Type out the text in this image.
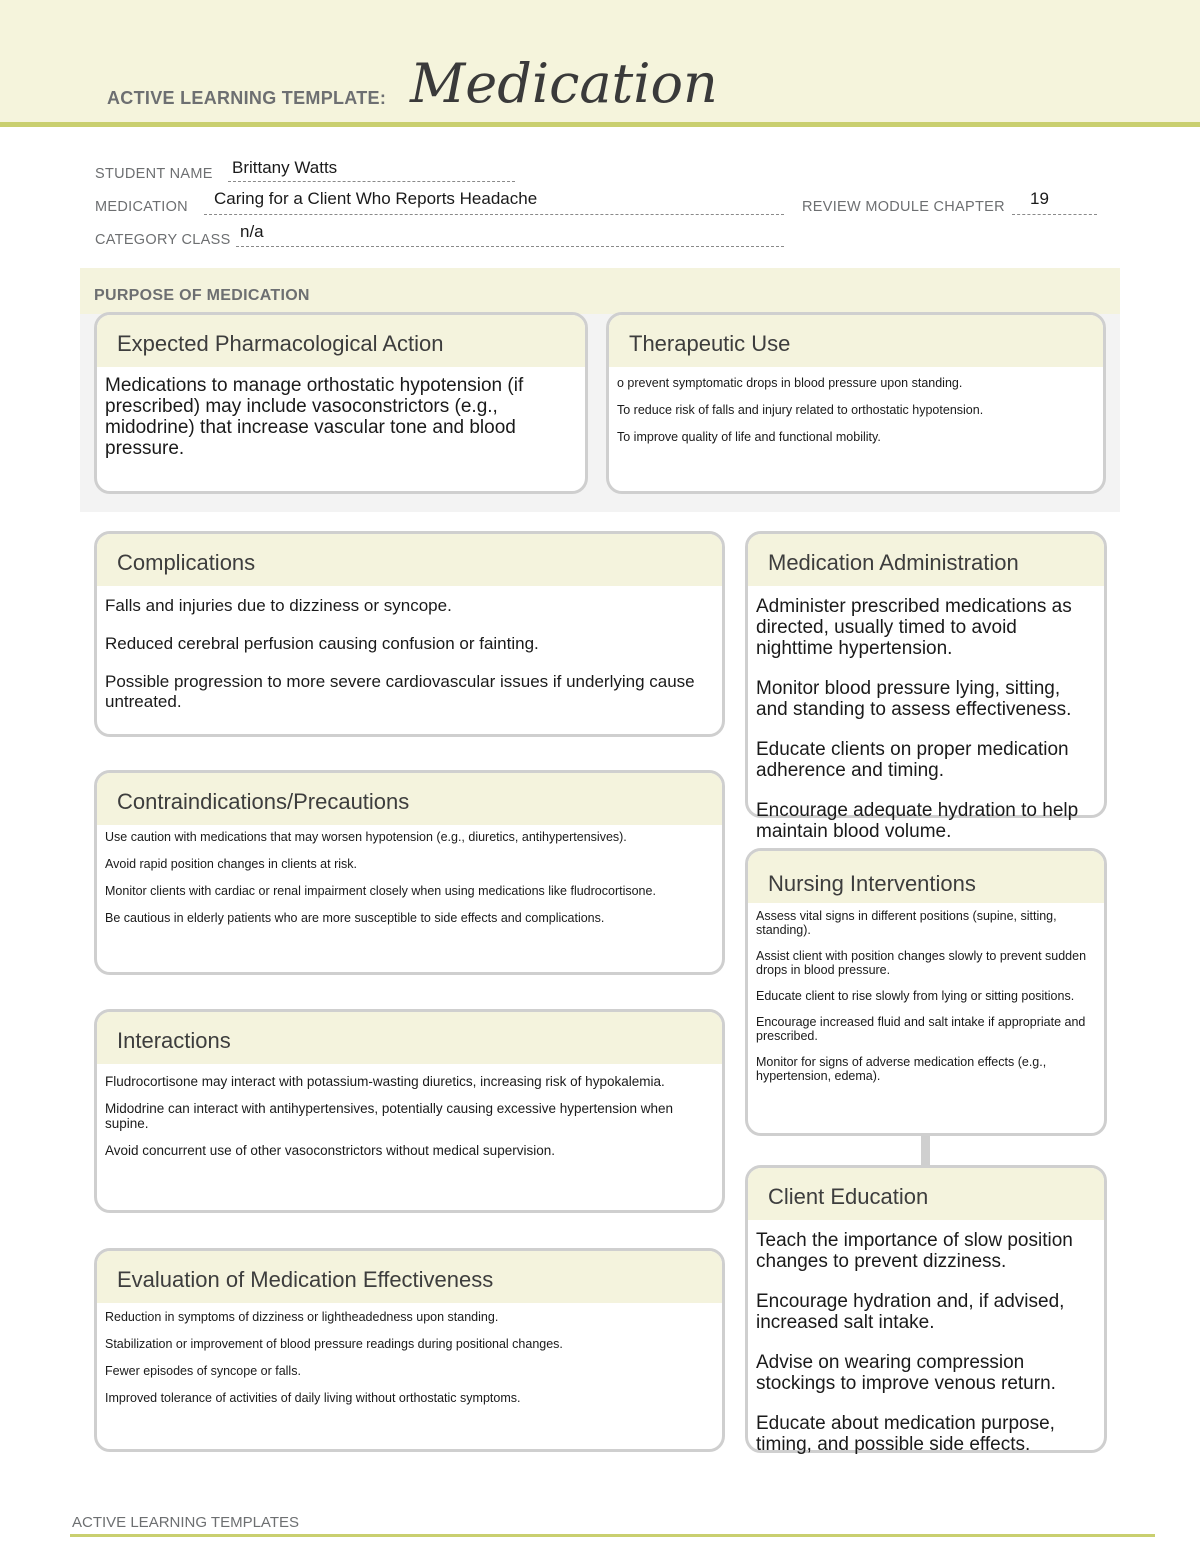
ACTIVE LEARNING TEMPLATE: Medication
STUDENT NAME Brittany Watts
MEDICATION Caring for a Client Who Reports Headache	REVIEW MODULE CHAPTER 19
CATEGORY CLASS n/a
PURPOSE OF MEDICATION
Expected Pharmacological Action

Medications to manage orthostatic hypotension (if prescribed) may include vasoconstrictors (e.g., midodrine) that increase vascular tone and blood pressure.

Therapeutic Use

o prevent symptomatic drops in blood pressure upon standing.

To reduce risk of falls and injury related to orthostatic hypotension.

To improve quality of life and functional mobility.

Complications

Falls and injuries due to dizziness or syncope.

Reduced cerebral perfusion causing confusion or fainting.

Possible progression to more severe cardiovascular issues if underlying cause untreated.

Contraindications/Precautions

Use caution with medications that may worsen hypotension (e.g., diuretics, antihypertensives).

Avoid rapid position changes in clients at risk.

Monitor clients with cardiac or renal impairment closely when using medications like fludrocortisone.

Be cautious in elderly patients who are more susceptible to side effects and complications.

Interactions

Fludrocortisone may interact with potassium-wasting diuretics, increasing risk of hypokalemia.

Midodrine can interact with antihypertensives, potentially causing excessive hypertension when supine.

Avoid concurrent use of other vasoconstrictors without medical supervision.

Evaluation of Medication Effectiveness

Reduction in symptoms of dizziness or lightheadedness upon standing.

Stabilization or improvement of blood pressure readings during positional changes.

Fewer episodes of syncope or falls.

Improved tolerance of activities of daily living without orthostatic symptoms.

Medication Administration

Administer prescribed medications as directed, usually timed to avoid nighttime hypertension.

Monitor blood pressure lying, sitting, and standing to assess effectiveness.

Educate clients on proper medication adherence and timing.

Encourage adequate hydration to help maintain blood volume.

Nursing Interventions

Assess vital signs in different positions (supine, sitting, standing).

Assist client with position changes slowly to prevent sudden drops in blood pressure.

Educate client to rise slowly from lying or sitting positions.

Encourage increased fluid and salt intake if appropriate and prescribed.

Monitor for signs of adverse medication effects (e.g., hypertension, edema).

Client Education

Teach the importance of slow position changes to prevent dizziness.

Encourage hydration and, if advised, increased salt intake.

Advise on wearing compression stockings to improve venous return.

Educate about medication purpose, timing, and possible side effects.

ACTIVE LEARNING TEMPLATES
